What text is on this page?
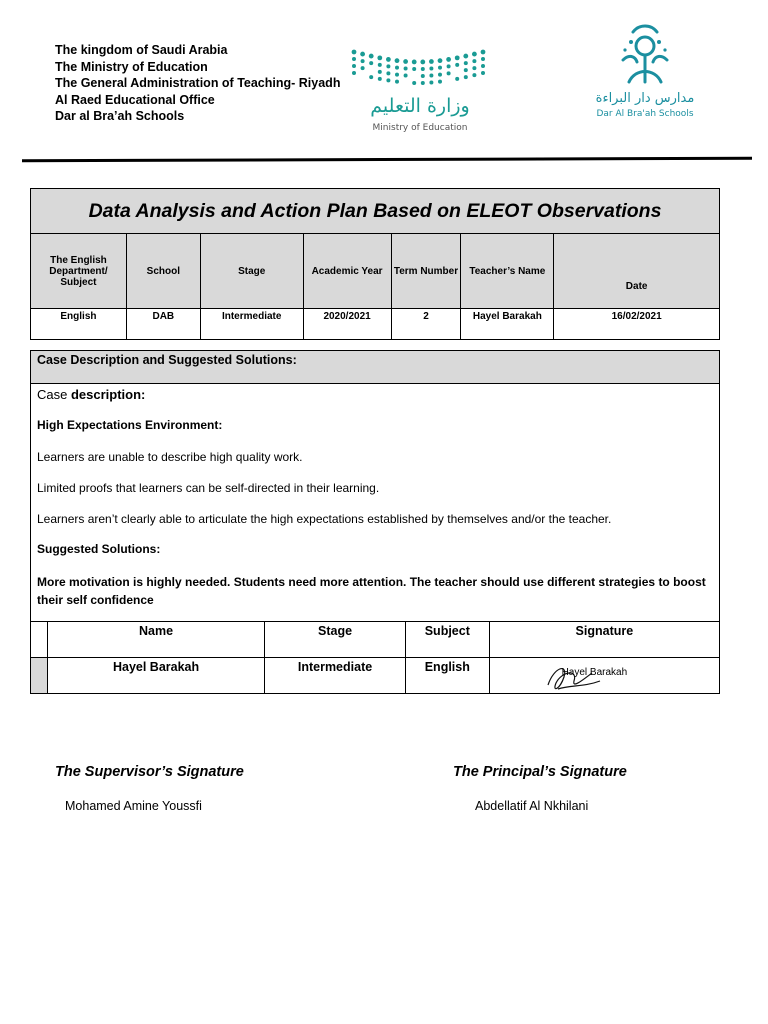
The kingdom of Saudi Arabia
The Ministry of Education
The General Administration of Teaching- Riyadh
Al Raed Educational Office
Dar al Bra’ah Schools	وزارة التعليم
Ministry of Education
مدارس دار البراءة
Dar Al Bra'ah Schools
Data Analysis and Action Plan Based on ELEOT Observations						
The English Department/ Subject	School	Stage	Academic Year	Term Number	Teacher’s Name	Date
English	DAB	Intermediate	2020/2021	2	Hayel Barakah	16/02/2021
Case Description and Suggested Solutions:

Case description:

High Expectations Environment:

Learners are unable to describe high quality work.

Limited proofs that learners can be self-directed in their learning.

Learners aren’t clearly able to articulate the high expectations established by themselves and/or the teacher.

Suggested Solutions:

More motivation is highly needed. Students need more attention. The teacher should use different strategies to boost their self confidence

	Name	Stage	Subject	Signature
	Hayel Barakah	Intermediate	English	$_{Hayel Barakah}$
The Supervisor’s Signature
Mohamed Amine Youssfi
The Principal’s Signature
Abdellatif Al Nkhilani
